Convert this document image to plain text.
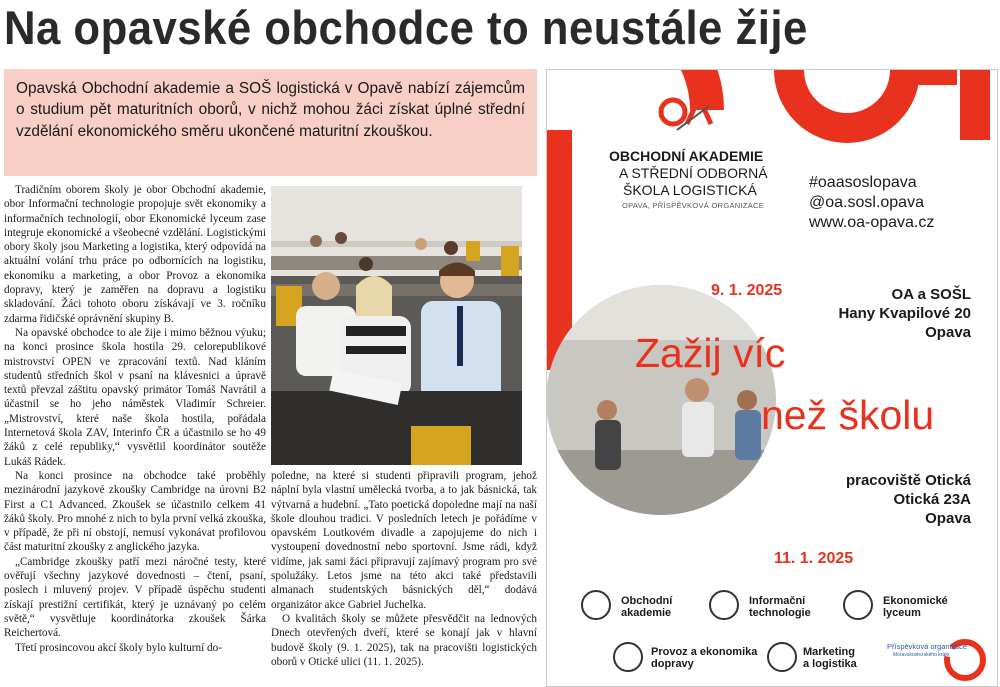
Na opavské obchodce to neustále žije
Opavská Obchodní akademie a SOŠ logistická v Opavě nabízí zájemcům o studium pět maturitních oborů, v nichž mohou žáci získat úplné střední vzdělání ekonomického směru ukončené maturitní zkouškou.

Tradičním oborem školy je obor Obchodní akademie, obor Informační technologie propojuje svět ekonomiky a informačních technologií, obor Ekonomické lyceum zase integruje ekonomické a všeobecné vzdělání. Logistickými obory školy jsou Marketing a logistika, který odpovídá na aktuální volání trhu práce po odbornících na logistiku, ekonomiku a marketing, a obor Provoz a ekonomika dopravy, který je zaměřen na dopravu a logistiku skladování. Žáci tohoto oboru získávají ve 3. ročníku zdarma řidičské oprávnění skupiny B.

Na opavské obchodce to ale žije i mimo běžnou výuku; na konci prosince škola hostila 29. celorepublikové mistrovství OPEN ve zpracování textů. Nad kláním studentů středních škol v psaní na klávesnici a úpravě textů převzal záštitu opavský primátor Tomáš Navrátil a účastnil se ho jeho náměstek Vladimír Schreier. „Mistrovství, které naše škola hostila, pořádala Internetová škola ZAV, Interinfo ČR a účastnilo se ho 49 žáků z celé republiky,“ vysvětlil koordinátor soutěže Lukáš Rádek.

Na konci prosince na obchodce také proběhly mezinárodní jazykové zkoušky Cambridge na úrovni B2 First a C1 Advanced. Zkoušek se účastnilo celkem 41 žáků školy. Pro mnohé z nich to byla první velká zkouška, v případě, že při ní obstojí, nemusí vykonávat profilovou část maturitní zkoušky z anglického jazyka.

„Cambridge zkoušky patří mezi náročné testy, které ověřují všechny jazykové dovednosti – čtení, psaní, poslech i mluvený projev. V případě úspěchu studenti získají prestižní certifikát, který je uznávaný po celém světě,“ vysvětluje koordinátorka zkoušek Šárka Reichertová.

Třetí prosincovou akcí školy bylo kulturní do-

poledne, na které si studenti připravili program, jehož náplní byla vlastní umělecká tvorba, a to jak básnická, tak výtvarná a hudební. „Tato poetická dopoledne mají na naší škole dlouhou tradici. V posledních letech je pořádíme v opavském Loutkovém divadle a zapojujeme do nich i vystoupení dovednostní nebo sportovní. Jsme rádi, když vidíme, jak sami žáci připravují zajímavý program pro své spolužáky. Letos jsme na této akci také představili almanach studentských básnických děl,“ dodává organizátor akce Gabriel Juchelka.

O kvalitách školy se můžete přesvědčit na lednových Dnech otevřených dveří, které se konají jak v hlavní budově školy (9. 1. 2025), tak na pracovišti logistických oborů v Otické ulici (11. 1. 2025).

OBCHODNÍ AKADEMIE
A STŘEDNÍ ODBORNÁ
ŠKOLA LOGISTICKÁ
OPAVA, PŘÍSPĚVKOVÁ ORGANIZACE
#oaasoslopava
@oa.sosl.opava
www.oa-opava.cz
9. 1. 2025	OA a SOŠL
Hany Kvapilové 20
Opava
Zažij víc
než školu
pracoviště Otická
Otická 23A
Opava
11. 1. 2025
Obchodní
akademie
Informační
technologie
Ekonomické
lyceum
Provoz a ekonomika
dopravy
Marketing
a logistika
Příspěvková organizace
Moravskoslezského kraje
